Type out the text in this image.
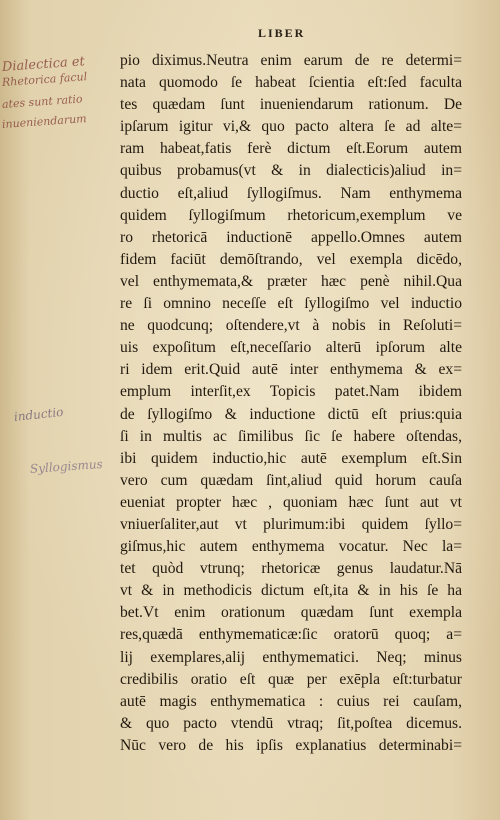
LIBER
Dialectica et
Rhetorica facul
ates sunt ratio
inueniendarum
inductio
Syllogismus
pio diximus.Neutra enim earum de re determi=
nata quomodo ſe habeat ſcientia eſt:ſed faculta
tes quædam ſunt inueniendarum rationum. De
ipſarum igitur vi,& quo pacto altera ſe ad alte=
ram habeat,fatis ferè dictum eſt.Eorum autem
quibus probamus(vt & in dialecticis)aliud in=
ductio eſt,aliud ſyllogiſmus. Nam enthymema
quidem ſyllogiſmum rhetoricum,exemplum ve
ro rhetoricā inductionē appello.Omnes autem
fidem faciūt demōſtrando, vel exempla dicēdo,
vel enthymemata,& præter hæc penè nihil.Qua
re ſi omnino neceſſe eſt ſyllogiſmo vel inductio
ne quodcunq; oſtendere,vt à nobis in Reſoluti=
uis expoſitum eſt,neceſſario alterū ipſorum alte
ri idem erit.Quid autē inter enthymema & ex=
emplum interſit,ex Topicis patet.Nam ibidem
de ſyllogiſmo & inductione dictū eſt prius:quia
ſi in multis ac ſimilibus ſic ſe habere oſtendas,
ibi quidem inductio,hic autē exemplum eſt.Sin
vero cum quædam ſint,aliud quid horum cauſa
eueniat propter hæc , quoniam hæc ſunt aut vt
vniuerſaliter,aut vt plurimum:ibi quidem ſyllo=
giſmus,hic autem enthymema vocatur. Nec la=
tet quòd vtrunq; rhetoricæ genus laudatur.Nā
vt & in methodicis dictum eſt,ita & in his ſe ha
bet.Vt enim orationum quædam ſunt exempla
res,quædā enthymematicæ:ſic oratorū quoq; a=
lij exemplares,alij enthymematici. Neq; minus
credibilis oratio eſt quæ per exēpla eſt:turbatur
autē magis enthymematica : cuius rei cauſam,
& quo pacto vtendū vtraq; ſit,poſtea dicemus.
Nūc vero de his ipſis explanatius determinabi=
